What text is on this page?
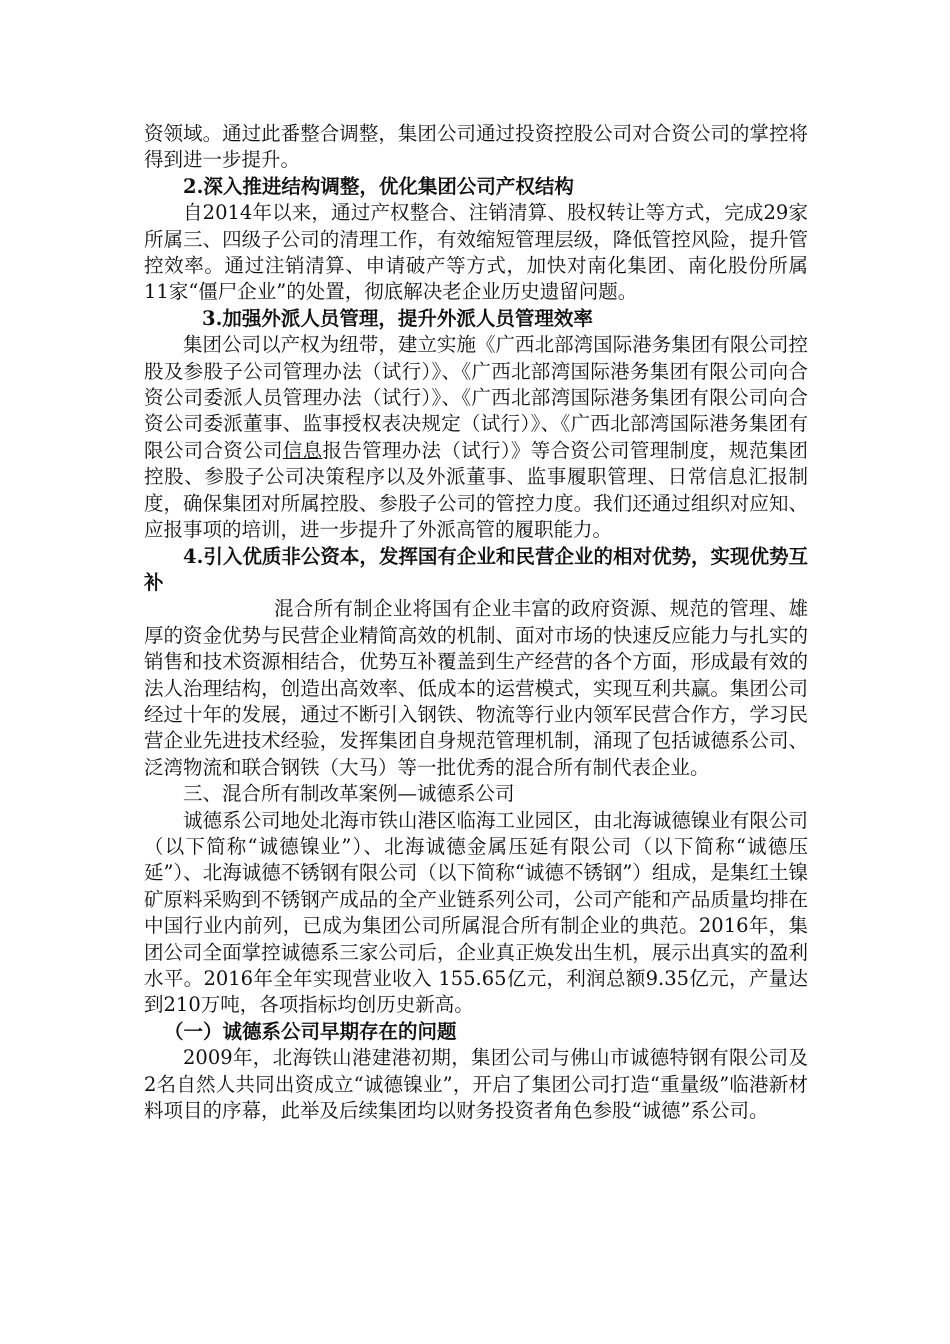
资领域。通过此番整合调整，集团公司通过投资控股公司对合资公司的掌控将得到进一步提升。

2.深入推进结构调整，优化集团公司产权结构

自2014年以来，通过产权整合、注销清算、股权转让等方式，完成29家所属三、四级子公司的清理工作，有效缩短管理层级，降低管控风险，提升管控效率。通过注销清算、申请破产等方式，加快对南化集团、南化股份所属11家“僵尸企业”的处置，彻底解决老企业历史遗留问题。

3.加强外派人员管理，提升外派人员管理效率

集团公司以产权为纽带，建立实施《广西北部湾国际港务集团有限公司控股及参股子公司管理办法（试行）》、《广西北部湾国际港务集团有限公司向合资公司委派人员管理办法（试行）》、《广西北部湾国际港务集团有限公司向合资公司委派董事、监事授权表决规定（试行）》、《广西北部湾国际港务集团有限公司合资公司信息报告管理办法（试行）》等合资公司管理制度，规范集团控股、参股子公司决策程序以及外派董事、监事履职管理、日常信息汇报制度，确保集团对所属控股、参股子公司的管控力度。我们还通过组织对应知、应报事项的培训，进一步提升了外派高管的履职能力。

4.引入优质非公资本，发挥国有企业和民营企业的相对优势，实现优势互补

混合所有制企业将国有企业丰富的政府资源、规范的管理、雄厚的资金优势与民营企业精简高效的机制、面对市场的快速反应能力与扎实的销售和技术资源相结合，优势互补覆盖到生产经营的各个方面，形成最有效的法人治理结构，创造出高效率、低成本的运营模式，实现互利共赢。集团公司经过十年的发展，通过不断引入钢铁、物流等行业内领军民营合作方，学习民营企业先进技术经验，发挥集团自身规范管理机制，涌现了包括诚德系公司、泛湾物流和联合钢铁（大马）等一批优秀的混合所有制代表企业。

三、混合所有制改革案例—诚德系公司

诚德系公司地处北海市铁山港区临海工业园区，由北海诚德镍业有限公司（以下简称“诚德镍业”）、北海诚德金属压延有限公司（以下简称“诚德压延”）、北海诚德不锈钢有限公司（以下简称“诚德不锈钢”）组成，是集红土镍矿原料采购到不锈钢产成品的全产业链系列公司，公司产能和产品质量均排在中国行业内前列，已成为集团公司所属混合所有制企业的典范。2016年，集团公司全面掌控诚德系三家公司后，企业真正焕发出生机，展示出真实的盈利水平。2016年全年实现营业收入 155.65亿元，利润总额9.35亿元，产量达到210万吨，各项指标均创历史新高。

（一）诚德系公司早期存在的问题

2009年，北海铁山港建港初期，集团公司与佛山市诚德特钢有限公司及2名自然人共同出资成立“诚德镍业”，开启了集团公司打造“重量级”临港新材料项目的序幕，此举及后续集团均以财务投资者角色参股“诚德”系公司。
